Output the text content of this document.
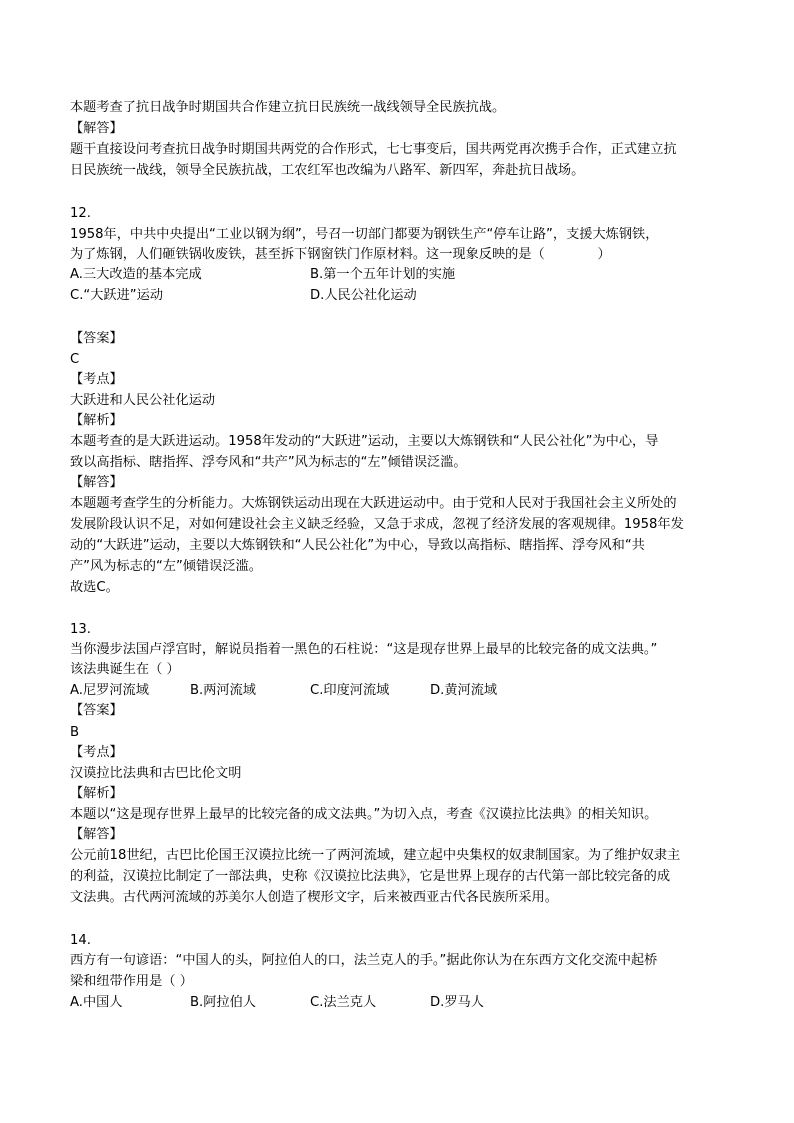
本题考查了抗日战争时期国共合作建立抗日民族统一战线领导全民族抗战。
【解答】
题干直接设问考查抗日战争时期国共两党的合作形式，七七事变后，国共两党再次携手合作，正式建立抗
日民族统一战线，领导全民族抗战，工农红军也改编为八路军、新四军，奔赴抗日战场。
12.
1958年，中共中央提出“工业以钢为纲”，号召一切部门都要为钢铁生产“停车让路”，支援大炼钢铁，
为了炼钢，人们砸铁锅收废铁，甚至拆下钢窗铁门作原材料。这一现象反映的是（　　　　）
A.三大改造的基本完成	B.第一个五年计划的实施
C.“大跃进”运动	D.人民公社化运动
【答案】
C
【考点】
大跃进和人民公社化运动
【解析】
本题考查的是大跃进运动。1958年发动的“大跃进”运动，主要以大炼钢铁和“人民公社化”为中心，导
致以高指标、瞎指挥、浮夸风和“共产”风为标志的“左”倾错误泛滥。
【解答】
本题题考查学生的分析能力。大炼钢铁运动出现在大跃进运动中。由于党和人民对于我国社会主义所处的
发展阶段认识不足，对如何建设社会主义缺乏经验，又急于求成，忽视了经济发展的客观规律。1958年发
动的“大跃进”运动，主要以大炼钢铁和“人民公社化”为中心，导致以高指标、瞎指挥、浮夸风和“共
产”风为标志的“左”倾错误泛滥。
故选C。
13.
当你漫步法国卢浮宫时，解说员指着一黑色的石柱说：“这是现存世界上最早的比较完备的成文法典。”
该法典诞生在（ ）
A.尼罗河流域	B.两河流域	C.印度河流域	D.黄河流域
【答案】
B
【考点】
汉谟拉比法典和古巴比伦文明
【解析】
本题以“这是现存世界上最早的比较完备的成文法典。”为切入点，考查《汉谟拉比法典》的相关知识。
【解答】
公元前18世纪，古巴比伦国王汉谟拉比统一了两河流域，建立起中央集权的奴隶制国家。为了维护奴隶主
的利益，汉谟拉比制定了一部法典，史称《汉谟拉比法典》，它是世界上现存的古代第一部比较完备的成
文法典。古代两河流域的苏美尔人创造了楔形文字，后来被西亚古代各民族所采用。
14.
西方有一句谚语：“中国人的头，阿拉伯人的口，法兰克人的手。”据此你认为在东西方文化交流中起桥
梁和纽带作用是（ ）
A.中国人	B.阿拉伯人	C.法兰克人	D.罗马人
